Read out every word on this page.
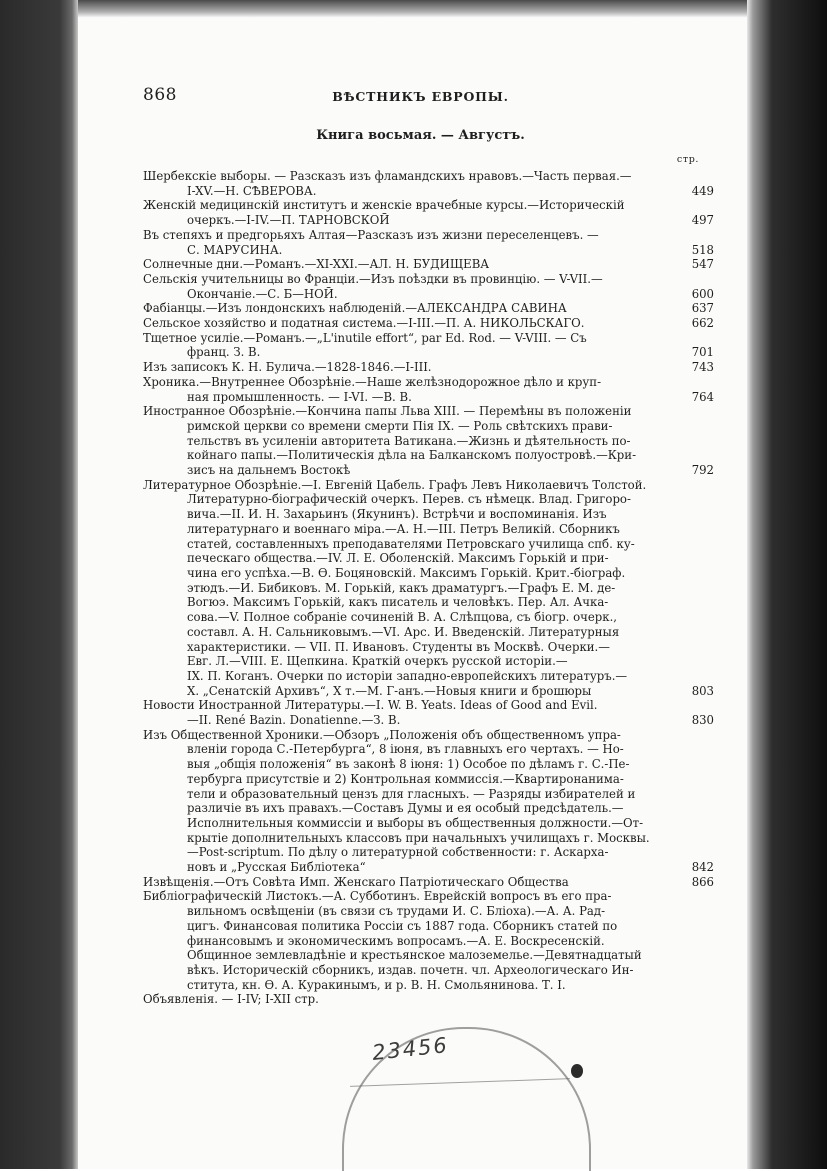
868	ВѢСТНИКЪ ЕВРОПЫ.
Книга восьмая. — Августъ.
стр.
Шербекскіе выборы. — Разсказъ изъ фламандскихъ нравовъ.—Часть первая.—
I-XV.—Н. СѢВЕРОВА.	449
Женскій медицинскій институтъ и женскіе врачебные курсы.—Историческій
очеркъ.—I-IV.—П. ТАРНОВСКОЙ	497
Въ степяхъ и предгорьяхъ Алтая—Разсказъ изъ жизни переселенцевъ. —
С. МАРУСИНА.	518
Солнечные дни.—Романъ.—XI-XXI.—АЛ. Н. БУДИЩЕВА	547
Сельскія учительницы во Франціи.—Изъ поѣздки въ провинцію. — V-VII.—
Окончаніе.—С. Б—НОЙ.	600
Фабіанцы.—Изъ лондонскихъ наблюденій.—АЛЕКСАНДРА САВИНА	637
Сельское хозяйство и податная система.—I-III.—П. А. НИКОЛЬСКАГО.	662
Тщетное усиліе.—Романъ.—„L'inutile effort“, par Ed. Rod. — V-VIII. — Съ
франц. З. В.	701
Изъ записокъ К. Н. Булича.—1828-1846.—I-III.	743
Хроника.—Внутреннее Обозрѣніе.—Наше желѣзнодорожное дѣло и круп-
ная промышленность. — I-VI. —В. В.	764
Иностранное Обозрѣніе.—Кончина папы Льва XIII. — Перемѣны въ положеніи
римской церкви со времени смерти Пія IX. — Роль свѣтскихъ прави-
тельствъ въ усиленіи авторитета Ватикана.—Жизнь и дѣятельность по-
койнаго папы.—Политическія дѣла на Балканскомъ полуостровѣ.—Кри-
зисъ на дальнемъ Востокѣ	792
Литературное Обозрѣніе.—I. Евгеній Цабель. Графъ Левъ Николаевичъ Толстой.
Литературно-біографическій очеркъ. Перев. съ нѣмецк. Влад. Григоро-
вича.—II. И. Н. Захарьинъ (Якунинъ). Встрѣчи и воспоминанія. Изъ
литературнаго и военнаго міра.—А. Н.—III. Петръ Великій. Сборникъ
статей, составленныхъ преподавателями Петровскаго училища спб. ку-
печескаго общества.—IV. Л. Е. Оболенскій. Максимъ Горькій и при-
чина его успѣха.—В. Ѳ. Боцяновскій. Максимъ Горькій. Крит.-біограф.
этюдъ.—И. Бибиковъ. М. Горькій, какъ драматургъ.—Графъ Е. М. де-
Вогюэ. Максимъ Горькій, какъ писатель и человѣкъ. Пер. Ал. Ачка-
сова.—V. Полное собраніе сочиненій В. А. Слѣпцова, съ біогр. очерк.,
составл. А. Н. Сальниковымъ.—VI. Арс. И. Введенскій. Литературныя
характеристики. — VII. П. Ивановъ. Студенты въ Москвѣ. Очерки.—
Евг. Л.—VIII. Е. Щепкина. Краткій очеркъ русской исторіи.—
IX. П. Коганъ. Очерки по исторіи западно-европейскихъ литературъ.—
X. „Сенатскій Архивъ“, X т.—М. Г-анъ.—Новыя книги и брошюры	803
Новости Иностранной Литературы.—I. W. B. Yeats. Ideas of Good and Evil.
—II. René Bazin. Donatienne.—З. В.	830
Изъ Общественной Хроники.—Обзоръ „Положенія объ общественномъ упра-
вленіи города С.-Петербурга“, 8 іюня, въ главныхъ его чертахъ. — Но-
выя „общія положенія“ въ законѣ 8 іюня: 1) Особое по дѣламъ г. С.-Пе-
тербурга присутствіе и 2) Контрольная коммиссія.—Квартиронанима-
тели и образовательный цензъ для гласныхъ. — Разряды избирателей и
различіе въ ихъ правахъ.—Составъ Думы и ея особый предсѣдатель.—
Исполнительныя коммиссіи и выборы въ общественныя должности.—От-
крытіе дополнительныхъ классовъ при начальныхъ училищахъ г. Москвы.
—Post-scriptum. По дѣлу о литературной собственности: г. Аскарха-
новъ и „Русская Библіотека“	842
Извѣщенія.—Отъ Совѣта Имп. Женскаго Патріотическаго Общества	866
Библіографическій Листокъ.—А. Субботинъ. Еврейскій вопросъ въ его пра-
вильномъ освѣщеніи (въ связи съ трудами И. С. Бліоха).—А. А. Рад-
цигъ. Финансовая политика Россіи съ 1887 года. Сборникъ статей по
финансовымъ и экономическимъ вопросамъ.—А. Е. Воскресенскій.
Общинное землевладѣніе и крестьянское малоземелье.—Девятнадцатый
вѣкъ. Историческій сборникъ, издав. почетн. чл. Археологическаго Ин-
ститута, кн. Ѳ. А. Куракинымъ, и р. В. Н. Смольянинова. Т. I.
Объявленія. — I-IV; I-XII стр.
23456
